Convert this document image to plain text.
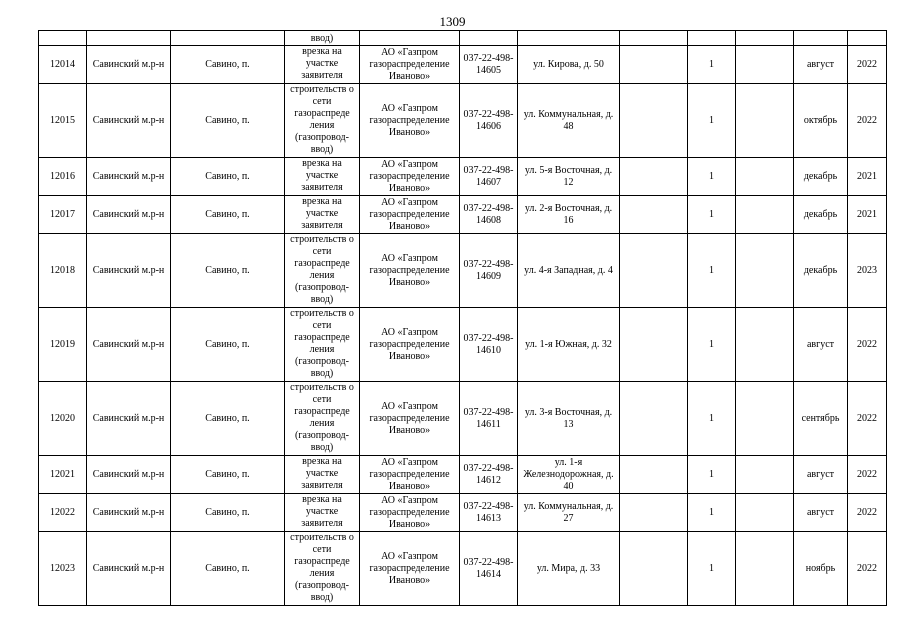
1309
			ввод)								
12014	Савинский м.р-н	Савино, п.	врезка на участке заявителя	АО «Газпром газораспределение Иваново»	037-22-498-14605	ул. Кирова, д. 50		1		август	2022
12015	Савинский м.р-н	Савино, п.	строительств о сети газораспреде ления (газопровод-ввод)	АО «Газпром газораспределение Иваново»	037-22-498-14606	ул. Коммунальная, д. 48		1		октябрь	2022
12016	Савинский м.р-н	Савино, п.	врезка на участке заявителя	АО «Газпром газораспределение Иваново»	037-22-498-14607	ул. 5-я Восточная, д. 12		1		декабрь	2021
12017	Савинский м.р-н	Савино, п.	врезка на участке заявителя	АО «Газпром газораспределение Иваново»	037-22-498-14608	ул. 2-я Восточная, д. 16		1		декабрь	2021
12018	Савинский м.р-н	Савино, п.	строительств о сети газораспреде ления (газопровод-ввод)	АО «Газпром газораспределение Иваново»	037-22-498-14609	ул. 4-я Западная, д. 4		1		декабрь	2023
12019	Савинский м.р-н	Савино, п.	строительств о сети газораспреде ления (газопровод-ввод)	АО «Газпром газораспределение Иваново»	037-22-498-14610	ул. 1-я Южная, д. 32		1		август	2022
12020	Савинский м.р-н	Савино, п.	строительств о сети газораспреде ления (газопровод-ввод)	АО «Газпром газораспределение Иваново»	037-22-498-14611	ул. 3-я Восточная, д. 13		1		сентябрь	2022
12021	Савинский м.р-н	Савино, п.	врезка на участке заявителя	АО «Газпром газораспределение Иваново»	037-22-498-14612	ул. 1-я Железнодорожная, д. 40		1		август	2022
12022	Савинский м.р-н	Савино, п.	врезка на участке заявителя	АО «Газпром газораспределение Иваново»	037-22-498-14613	ул. Коммунальная, д. 27		1		август	2022
12023	Савинский м.р-н	Савино, п.	строительств о сети газораспреде ления (газопровод-ввод)	АО «Газпром газораспределение Иваново»	037-22-498-14614	ул. Мира, д. 33		1		ноябрь	2022
